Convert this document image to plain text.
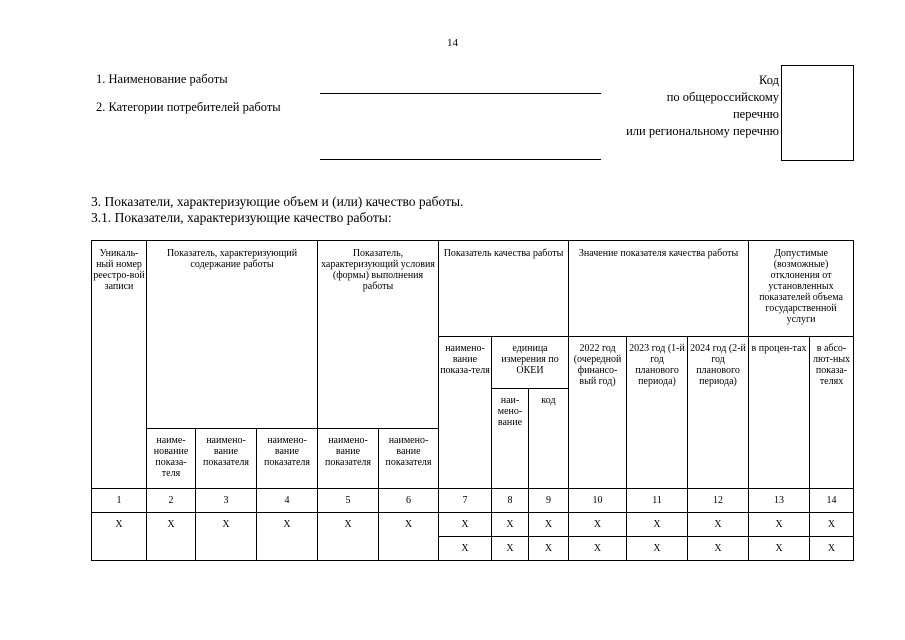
14
1. Наименование работы
2. Категории потребителей работы
Код
по общероссийскому
перечню
или региональному перечню
3. Показатели, характеризующие объем и (или) качество работы.
3.1. Показатели, характеризующие качество работы:
Уникаль-ный номер реестро-вой записи	Показатель, характеризующий содержание работы			Показатель, характеризующий условия (формы) выполнения работы		Показатель качества работы			Значение показателя качества работы			Допустимые (возможные) отклонения от установленных показателей объема государственной услуги	
						наимено-вание показа-теля	единица измерения по ОКЕИ		2022 год (очередной финансо-вый год)	2023 год (1-й год планового периода)	2024 год (2-й год планового периода)	в процен-тах	в абсо-лют-ных показа-телях
							наи-мено-вание	код					
	наиме-нование показа-теля	наимено-вание показателя	наимено-вание показателя	наимено-вание показателя	наимено-вание показателя								
1	2	3	4	5	6	7	8	9	10	11	12	13	14
Х	Х	Х	Х	Х	Х	Х	Х	Х	Х	Х	Х	Х	Х
						Х	Х	Х	Х	Х	Х	Х	Х
